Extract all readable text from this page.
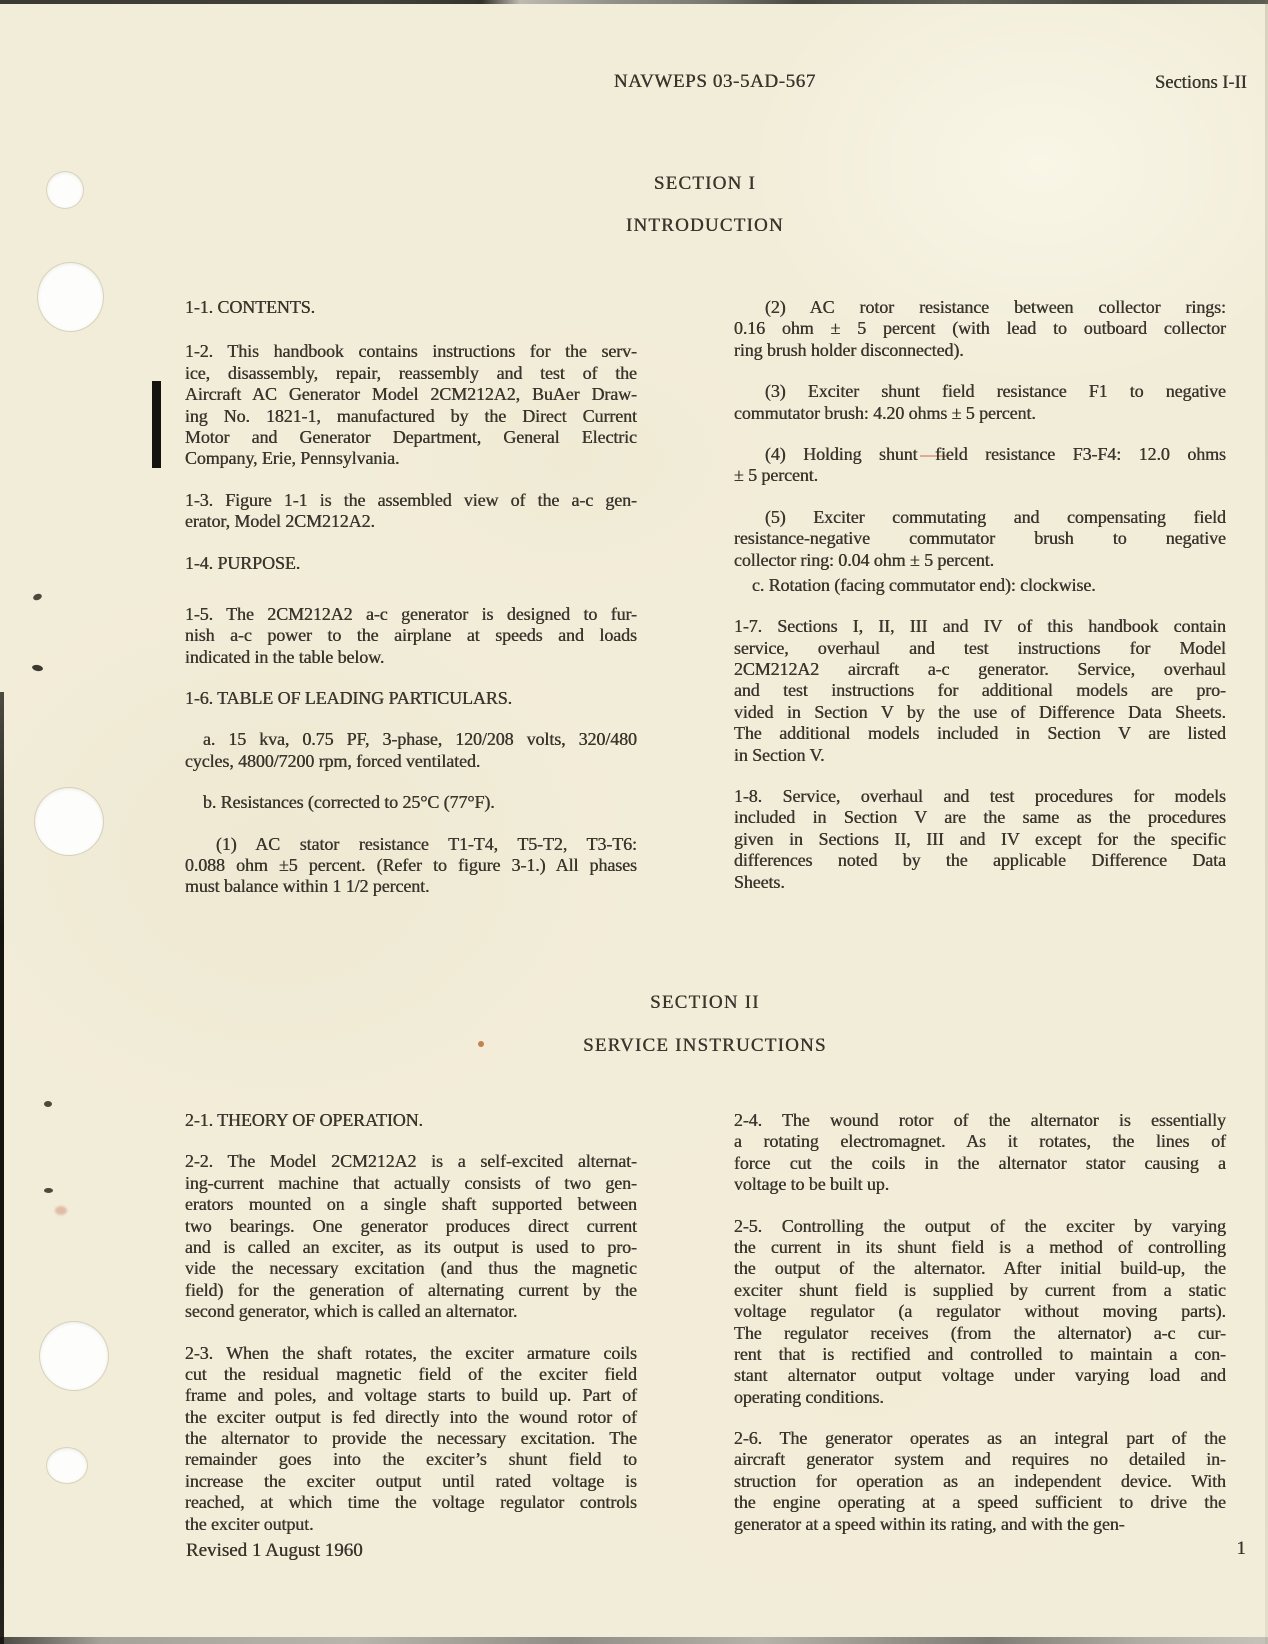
NAVWEPS 03-5AD-567	Sections I-II
SECTION I
INTRODUCTION
1-1. CONTENTS.
1-2. This handbook contains instructions for the serv-
ice, disassembly, repair, reassembly and test of the
Aircraft AC Generator Model 2CM212A2, BuAer Draw-
ing No. 1821-1, manufactured by the Direct Current
Motor and Generator Department, General Electric
Company, Erie, Pennsylvania.
1-3. Figure 1-1 is the assembled view of the a-c gen-
erator, Model 2CM212A2.
1-4. PURPOSE.
1-5. The 2CM212A2 a-c generator is designed to fur-
nish a-c power to the airplane at speeds and loads
indicated in the table below.
1-6. TABLE OF LEADING PARTICULARS.
a. 15 kva, 0.75 PF, 3-phase, 120/208 volts, 320/480
cycles, 4800/7200 rpm, forced ventilated.
b. Resistances (corrected to 25°C (77°F).
(1) AC stator resistance T1-T4, T5-T2, T3-T6:
0.088 ohm ±5 percent. (Refer to figure 3-1.) All phases
must balance within 1 1/2 percent.
(2) AC rotor resistance between collector rings:
0.16 ohm ± 5 percent (with lead to outboard collector
ring brush holder disconnected).
(3) Exciter shunt field resistance F1 to negative
commutator brush: 4.20 ohms ± 5 percent.
(4) Holding shunt field resistance F3-F4: 12.0 ohms
± 5 percent.
(5) Exciter commutating and compensating field
resistance-negative commutator brush to negative
collector ring: 0.04 ohm ± 5 percent.
c. Rotation (facing commutator end): clockwise.
1-7. Sections I, II, III and IV of this handbook contain
service, overhaul and test instructions for Model
2CM212A2 aircraft a-c generator. Service, overhaul
and test instructions for additional models are pro-
vided in Section V by the use of Difference Data Sheets.
The additional models included in Section V are listed
in Section V.
1-8. Service, overhaul and test procedures for models
included in Section V are the same as the procedures
given in Sections II, III and IV except for the specific
differences noted by the applicable Difference Data
Sheets.
SECTION II
SERVICE INSTRUCTIONS
2-1. THEORY OF OPERATION.
2-2. The Model 2CM212A2 is a self-excited alternat-
ing-current machine that actually consists of two gen-
erators mounted on a single shaft supported between
two bearings. One generator produces direct current
and is called an exciter, as its output is used to pro-
vide the necessary excitation (and thus the magnetic
field) for the generation of alternating current by the
second generator, which is called an alternator.
2-3. When the shaft rotates, the exciter armature coils
cut the residual magnetic field of the exciter field
frame and poles, and voltage starts to build up. Part of
the exciter output is fed directly into the wound rotor of
the alternator to provide the necessary excitation. The
remainder goes into the exciter’s shunt field to
increase the exciter output until rated voltage is
reached, at which time the voltage regulator controls
the exciter output.
2-4. The wound rotor of the alternator is essentially
a rotating electromagnet. As it rotates, the lines of
force cut the coils in the alternator stator causing a
voltage to be built up.
2-5. Controlling the output of the exciter by varying
the current in its shunt field is a method of controlling
the output of the alternator. After initial build-up, the
exciter shunt field is supplied by current from a static
voltage regulator (a regulator without moving parts).
The regulator receives (from the alternator) a-c cur-
rent that is rectified and controlled to maintain a con-
stant alternator output voltage under varying load and
operating conditions.
2-6. The generator operates as an integral part of the
aircraft generator system and requires no detailed in-
struction for operation as an independent device. With
the engine operating at a speed sufficient to drive the
generator at a speed within its rating, and with the gen-
Revised 1 August 1960	1
